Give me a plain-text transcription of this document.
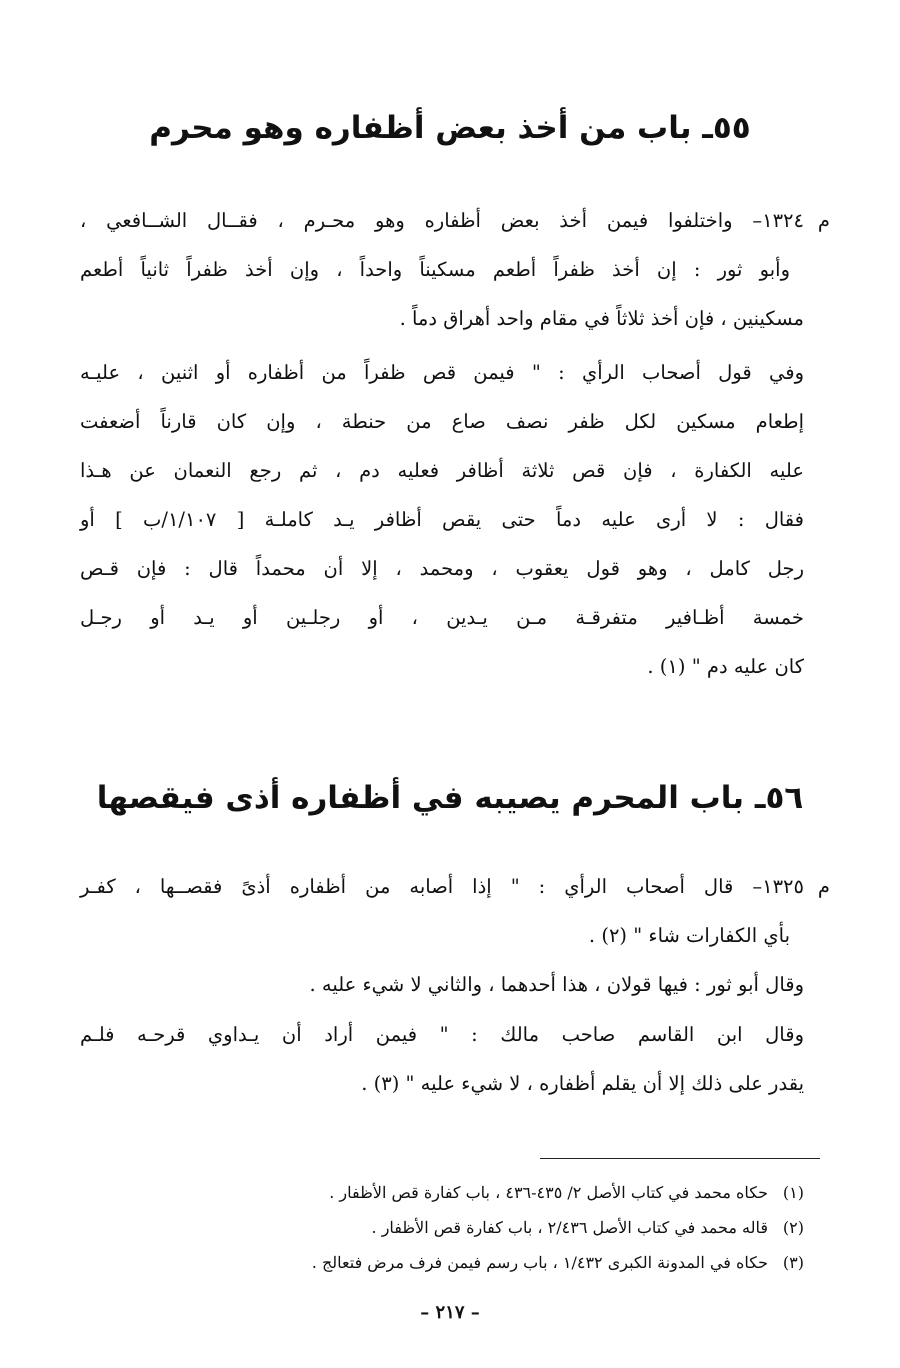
٥٥ـ باب من أخذ بعض أظفاره وهو محرم
م
١٣٢٤– واختلفوا فيمن أخذ بعض أظفاره وهو محـرم ، فقــال الشــافعي ،
وأبو ثور : إن أخذ ظفراً أطعم مسكيناً واحداً ، وإن أخذ ظفراً ثانياً أطعم
مسكينين ، فإن أخذ ثلاثاً في مقام واحد أهراق دماً .
وفي قول أصحاب الرأي : " فيمن قص ظفراً من أظفاره أو اثنين ، عليـه
إطعام مسكين لكل ظفر نصف صاع من حنطة ، وإن كان قارناً أضعفت
عليه الكفارة ، فإن قص ثلاثة أظافر فعليه دم ، ثم رجع النعمان عن هـذا
فقال : لا أرى عليه دماً حتى يقص أظافر يـد كاملـة [ ١/١٠٧/ب ] أو
رجل كامل ، وهو قول يعقوب ، ومحمد ، إلا أن محمداً قال : فإن قـص
خمسة أظـافير متفرقـة مـن يـدين ، أو رجلـين أو يـد أو رجـل
كان عليه دم " (١) .
٥٦ـ باب المحرم يصيبه في أظفاره أذى فيقصها
م
١٣٢٥– قال أصحاب الرأي : " إذا أصابه من أظفاره أذىً فقصــها ، كفـر
بأي الكفارات شاء " (٢) .
وقال أبو ثور : فيها قولان ، هذا أحدهما ، والثاني لا شيء عليه .
وقال ابن القاسم صاحب مالك : " فيمن أراد أن يـداوي قرحـه فلـم
يقدر على ذلك إلا أن يقلم أظفاره ، لا شيء عليه " (٣) .
(١)حكاه محمد في كتاب الأصل ٢/ ٤٣٥-٤٣٦ ، باب كفارة قص الأظفار .
(٢)قاله محمد في كتاب الأصل ٢/٤٣٦ ، باب كفارة قص الأظفار .
(٣)حكاه في المدونة الكبرى ١/٤٣٢ ، باب رسم فيمن فرف مرض فتعالج .
– ٢١٧ –
